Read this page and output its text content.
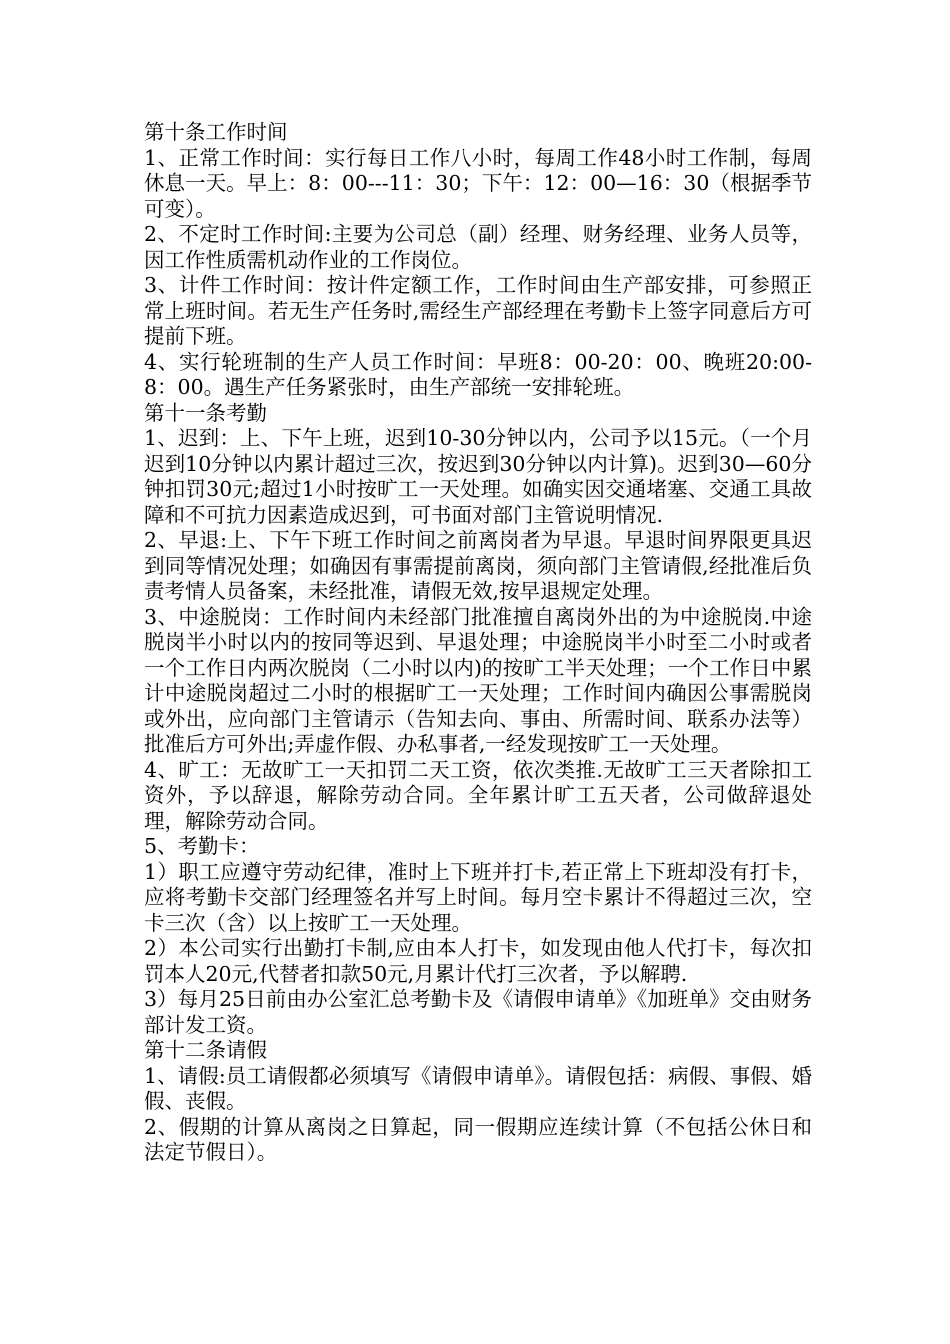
第十条工作时间

1、正常工作时间：实行每日工作八小时，每周工作48小时工作制，每周休息一天。早上：8：00---11：30；下午：12：00—16：30（根据季节可变）。

2、不定时工作时间:主要为公司总（副）经理、财务经理、业务人员等，因工作性质需机动作业的工作岗位。

3、计件工作时间：按计件定额工作，工作时间由生产部安排，可参照正常上班时间。若无生产任务时,需经生产部经理在考勤卡上签字同意后方可提前下班。

4、实行轮班制的生产人员工作时间：早班8：00-20：00、晚班20:00-8：00。遇生产任务紧张时，由生产部统一安排轮班。

第十一条考勤

1、迟到：上、下午上班，迟到10-30分钟以内，公司予以15元。（一个月迟到10分钟以内累计超过三次，按迟到30分钟以内计算)。迟到30—60分钟扣罚30元;超过1小时按旷工一天处理。如确实因交通堵塞、交通工具故障和不可抗力因素造成迟到，可书面对部门主管说明情况.

2、早退:上、下午下班工作时间之前离岗者为早退。早退时间界限更具迟到同等情况处理；如确因有事需提前离岗，须向部门主管请假,经批准后负责考情人员备案，未经批准，请假无效,按早退规定处理。

3、中途脱岗：工作时间内未经部门批准擅自离岗外出的为中途脱岗.中途脱岗半小时以内的按同等迟到、早退处理；中途脱岗半小时至二小时或者一个工作日内两次脱岗（二小时以内)的按旷工半天处理；一个工作日中累计中途脱岗超过二小时的根据旷工一天处理；工作时间内确因公事需脱岗或外出，应向部门主管请示（告知去向、事由、所需时间、联系办法等）批准后方可外出;弄虚作假、办私事者,一经发现按旷工一天处理。

4、旷工：无故旷工一天扣罚二天工资，依次类推.无故旷工三天者除扣工资外，予以辞退，解除劳动合同。全年累计旷工五天者，公司做辞退处理，解除劳动合同。

5、考勤卡：

1）职工应遵守劳动纪律，准时上下班并打卡,若正常上下班却没有打卡，应将考勤卡交部门经理签名并写上时间。每月空卡累计不得超过三次，空卡三次（含）以上按旷工一天处理。

2）本公司实行出勤打卡制,应由本人打卡，如发现由他人代打卡，每次扣罚本人20元,代替者扣款50元,月累计代打三次者，予以解聘.

3）每月25日前由办公室汇总考勤卡及《请假申请单》《加班单》交由财务部计发工资。

第十二条请假

1、请假:员工请假都必须填写《请假申请单》。请假包括：病假、事假、婚假、丧假。

2、假期的计算从离岗之日算起，同一假期应连续计算（不包括公休日和法定节假日）。
